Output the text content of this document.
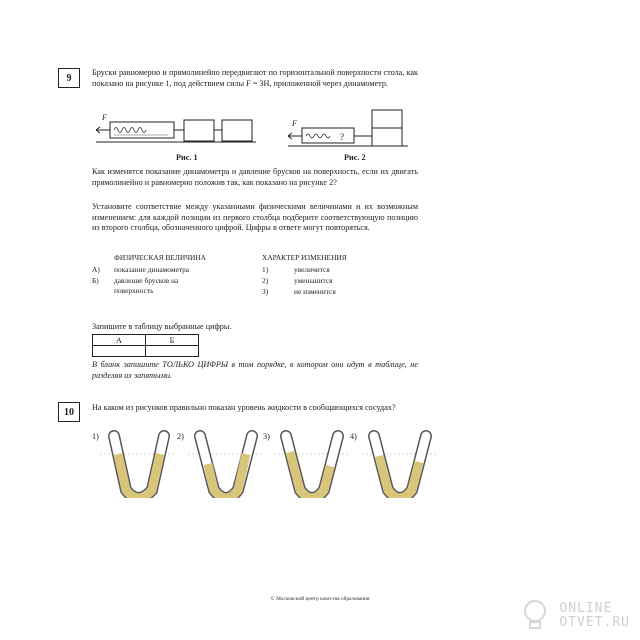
9	Бруски равномерно и прямолинейно передвигают по горизонтальной поверхности стола, как показано на рисунке 1, под действием силы F = 3Н, приложенной через динамометр.
F
Рис. 1
F
?
Рис. 2
Как изменятся показание динамометра и давление брусков на поверхность, если их двигать прямолинейно и равномерно положив так, как показано на рисунке 2?
Установите соответствие между указанными физическими величинами и их возможным изменением: для каждой позиции из первого столбца подберите соответствующую позицию из второго столбца, обозначенного цифрой. Цифры в ответе могут повторяться.
ФИЗИЧЕСКАЯ ВЕЛИЧИНА	ХАРАКТЕР ИЗМЕНЕНИЯ
А) показание динамометра
Б) давление брусков на поверхность
1)	увеличится
2)	уменьшится
3)	не изменится
Запишите в таблицу выбранные цифры.
А	Б

В бланк запишите ТОЛЬКО ЦИФРЫ в том порядке, в котором они идут в таблице, не разделяя их запятыми.
10	На каком из рисунков правильно показан уровень жидкости в сообщающихся сосудах?
1)	2)	3)	4)
© Московский центр качества образования
ONLINE
OTVET.RU
